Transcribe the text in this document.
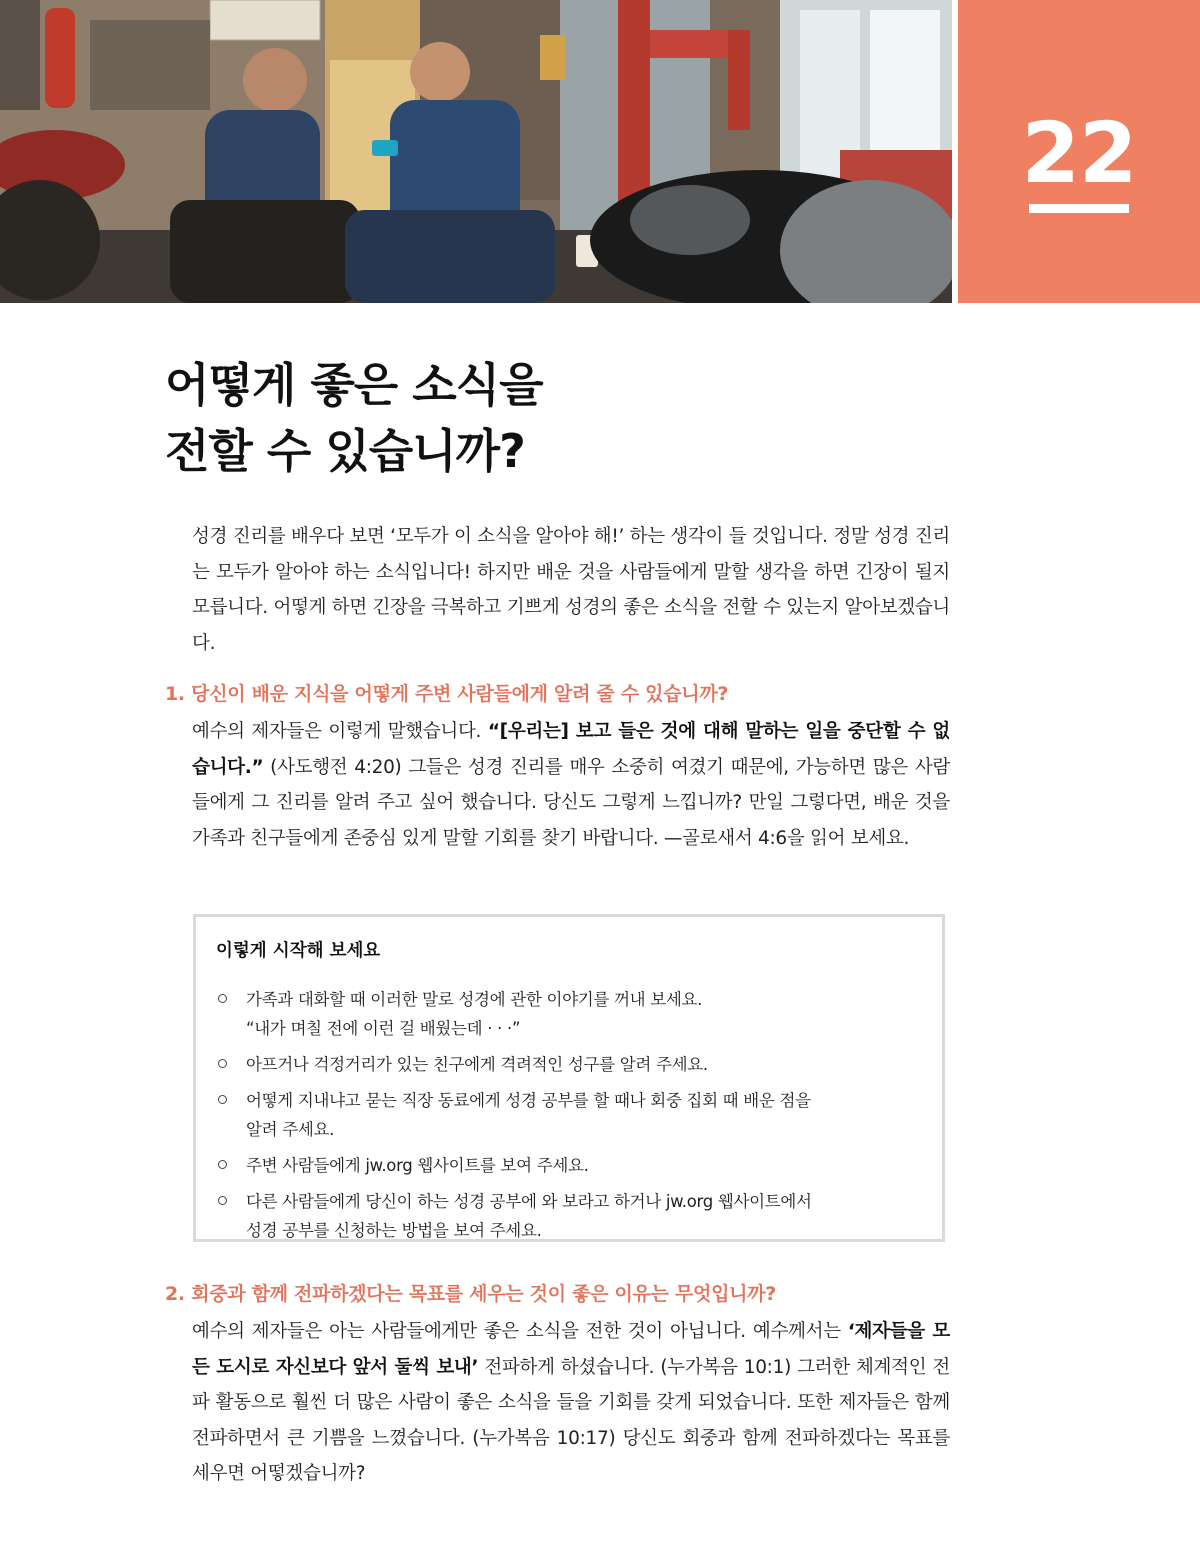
22
어떻게 좋은 소식을
전할 수 있습니까?

성경 진리를 배우다 보면 ‘모두가 이 소식을 알아야 해!’ 하는 생각이 들 것입니다. 정말 성경 진리는 모두가 알아야 하는 소식입니다! 하지만 배운 것을 사람들에게 말할 생각을 하면 긴장이 될지 모릅니다. 어떻게 하면 긴장을 극복하고 기쁘게 성경의 좋은 소식을 전할 수 있는지 알아보겠습니다.

1. 당신이 배운 지식을 어떻게 주변 사람들에게 알려 줄 수 있습니까?

예수의 제자들은 이렇게 말했습니다. “[우리는] 보고 들은 것에 대해 말하는 일을 중단할 수 없습니다.” (사도행전 4:20) 그들은 성경 진리를 매우 소중히 여겼기 때문에, 가능하면 많은 사람들에게 그 진리를 알려 주고 싶어 했습니다. 당신도 그렇게 느낍니까? 만일 그렇다면, 배운 것을 가족과 친구들에게 존중심 있게 말할 기회를 찾기 바랍니다. —골로새서 4:6을 읽어 보세요.

이렇게 시작해 보세요
가족과 대화할 때 이러한 말로 성경에 관한 이야기를 꺼내 보세요.
“내가 며칠 전에 이런 걸 배웠는데 · · ·”
아프거나 걱정거리가 있는 친구에게 격려적인 성구를 알려 주세요.
어떻게 지내냐고 묻는 직장 동료에게 성경 공부를 할 때나 회중 집회 때 배운 점을
알려 주세요.
주변 사람들에게 jw.org 웹사이트를 보여 주세요.
다른 사람들에게 당신이 하는 성경 공부에 와 보라고 하거나 jw.org 웹사이트에서
성경 공부를 신청하는 방법을 보여 주세요.
2. 회중과 함께 전파하겠다는 목표를 세우는 것이 좋은 이유는 무엇입니까?

예수의 제자들은 아는 사람들에게만 좋은 소식을 전한 것이 아닙니다. 예수께서는 ‘제자들을 모든 도시로 자신보다 앞서 둘씩 보내’ 전파하게 하셨습니다. (누가복음 10:1) 그러한 체계적인 전파 활동으로 훨씬 더 많은 사람이 좋은 소식을 들을 기회를 갖게 되었습니다. 또한 제자들은 함께 전파하면서 큰 기쁨을 느꼈습니다. (누가복음 10:17) 당신도 회중과 함께 전파하겠다는 목표를 세우면 어떻겠습니까?
